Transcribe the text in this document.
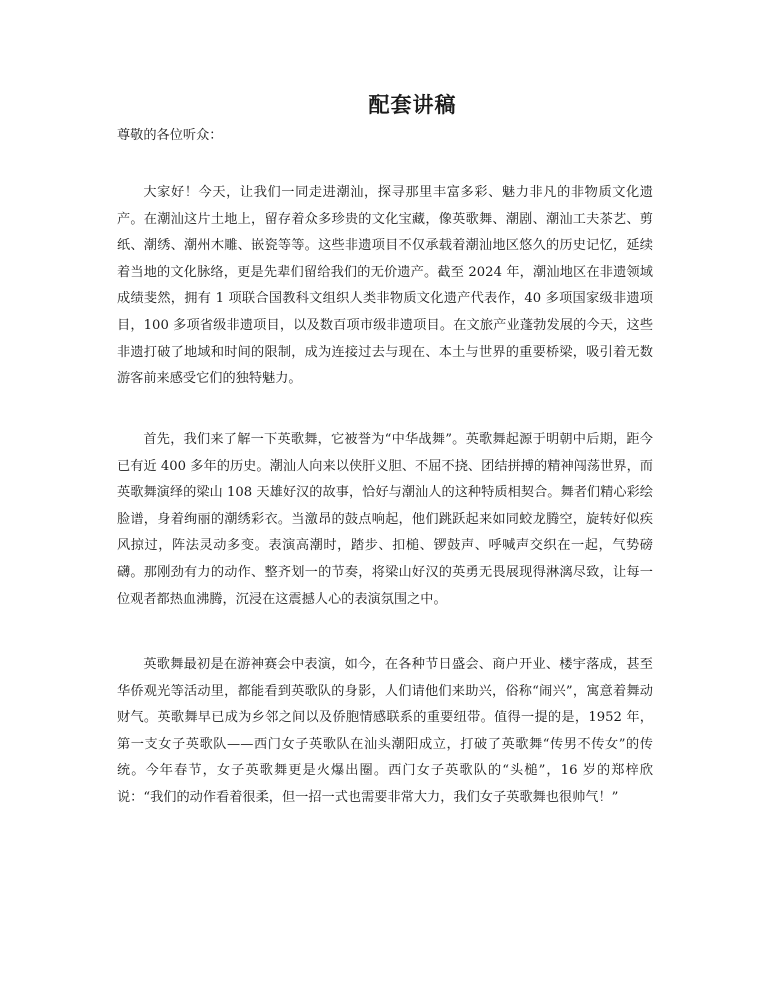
配套讲稿

尊敬的各位听众：

大家好！今天，让我们一同走进潮汕，探寻那里丰富多彩、魅力非凡的非物质文化遗产。在潮汕这片土地上，留存着众多珍贵的文化宝藏，像英歌舞、潮剧、潮汕工夫茶艺、剪纸、潮绣、潮州木雕、嵌瓷等等。这些非遗项目不仅承载着潮汕地区悠久的历史记忆，延续着当地的文化脉络，更是先辈们留给我们的无价遗产。截至 2024 年，潮汕地区在非遗领域成绩斐然，拥有 1 项联合国教科文组织人类非物质文化遗产代表作，40 多项国家级非遗项目，100 多项省级非遗项目，以及数百项市级非遗项目。在文旅产业蓬勃发展的今天，这些非遗打破了地域和时间的限制，成为连接过去与现在、本土与世界的重要桥梁，吸引着无数游客前来感受它们的独特魅力。

首先，我们来了解一下英歌舞，它被誉为“中华战舞”。英歌舞起源于明朝中后期，距今已有近 400 多年的历史。潮汕人向来以侠肝义胆、不屈不挠、团结拼搏的精神闯荡世界，而英歌舞演绎的梁山 108 天雄好汉的故事，恰好与潮汕人的这种特质相契合。舞者们精心彩绘脸谱，身着绚丽的潮绣彩衣。当激昂的鼓点响起，他们跳跃起来如同蛟龙腾空，旋转好似疾风掠过，阵法灵动多变。表演高潮时，踏步、扣槌、锣鼓声、呼喊声交织在一起，气势磅礴。那刚劲有力的动作、整齐划一的节奏，将梁山好汉的英勇无畏展现得淋漓尽致，让每一位观者都热血沸腾，沉浸在这震撼人心的表演氛围之中。

英歌舞最初是在游神赛会中表演，如今，在各种节日盛会、商户开业、楼宇落成，甚至华侨观光等活动里，都能看到英歌队的身影，人们请他们来助兴，俗称“闹兴”，寓意着舞动财气。英歌舞早已成为乡邻之间以及侨胞情感联系的重要纽带。值得一提的是，1952 年，第一支女子英歌队——西门女子英歌队在汕头潮阳成立，打破了英歌舞“传男不传女”的传统。今年春节，女子英歌舞更是火爆出圈。西门女子英歌队的“头槌”，16 岁的郑梓欣说：“我们的动作看着很柔，但一招一式也需要非常大力，我们女子英歌舞也很帅气！”
